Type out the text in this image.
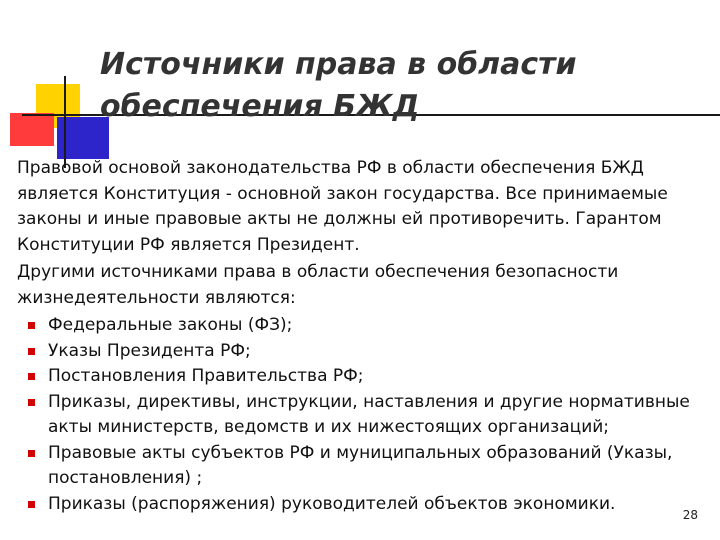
Источники права в области
обеспечения БЖД

Правовой основой законодательства РФ в области обеспечения БЖД является Конституция - основной закон государства. Все принимаемые законы и иные правовые акты не должны ей противоречить. Гарантом Конституции РФ является Президент.

Другими источниками права в области обеспечения безопасности жизнедеятельности являются:

Федеральные законы (ФЗ);
Указы Президента РФ;
Постановления Правительства РФ;
Приказы, директивы, инструкции, наставления и другие нормативные акты министерств, ведомств и их нижестоящих организаций;
Правовые акты субъектов РФ и муниципальных образований (Указы, постановления) ;
Приказы (распоряжения) руководителей объектов экономики.
28
